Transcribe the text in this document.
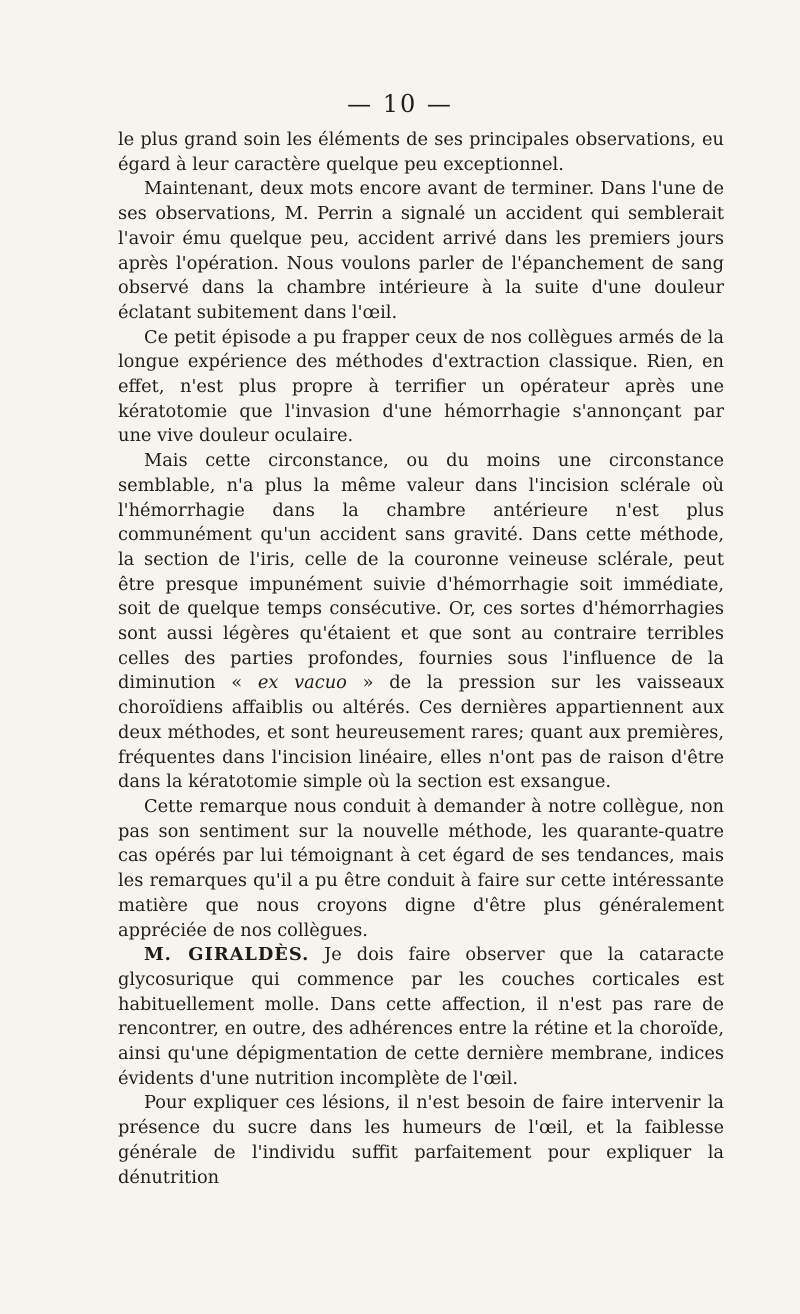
— 10 —

le plus grand soin les éléments de ses principales observations, eu égard à leur caractère quelque peu exceptionnel.

Maintenant, deux mots encore avant de terminer. Dans l'une de ses observations, M. Perrin a signalé un accident qui semblerait l'avoir ému quelque peu, accident arrivé dans les premiers jours après l'opération. Nous voulons parler de l'épanchement de sang observé dans la chambre intérieure à la suite d'une douleur éclatant subitement dans l'œil.

Ce petit épisode a pu frapper ceux de nos collègues armés de la longue expérience des méthodes d'extraction classique. Rien, en effet, n'est plus propre à terrifier un opérateur après une kératotomie que l'invasion d'une hémorrhagie s'annonçant par une vive douleur oculaire.

Mais cette circonstance, ou du moins une circonstance semblable, n'a plus la même valeur dans l'incision sclérale où l'hémorrhagie dans la chambre antérieure n'est plus communément qu'un accident sans gravité. Dans cette méthode, la section de l'iris, celle de la couronne veineuse sclérale, peut être presque impunément suivie d'hémorrhagie soit immédiate, soit de quelque temps consécutive. Or, ces sortes d'hémorrhagies sont aussi légères qu'étaient et que sont au contraire terribles celles des parties profondes, fournies sous l'influence de la diminution « ex vacuo » de la pression sur les vaisseaux choroïdiens affaiblis ou altérés. Ces dernières appartiennent aux deux méthodes, et sont heureusement rares; quant aux premières, fréquentes dans l'incision linéaire, elles n'ont pas de raison d'être dans la kératotomie simple où la section est exsangue.

Cette remarque nous conduit à demander à notre collègue, non pas son sentiment sur la nouvelle méthode, les quarante-quatre cas opérés par lui témoignant à cet égard de ses tendances, mais les remarques qu'il a pu être conduit à faire sur cette intéressante matière que nous croyons digne d'être plus généralement appréciée de nos collègues.

M. GIRALDÈS. Je dois faire observer que la cataracte glycosurique qui commence par les couches corticales est habituellement molle. Dans cette affection, il n'est pas rare de rencontrer, en outre, des adhérences entre la rétine et la choroïde, ainsi qu'une dépigmentation de cette dernière membrane, indices évidents d'une nutrition incomplète de l'œil.

Pour expliquer ces lésions, il n'est besoin de faire intervenir la présence du sucre dans les humeurs de l'œil, et la faiblesse générale de l'individu suffit parfaitement pour expliquer la dénutrition
